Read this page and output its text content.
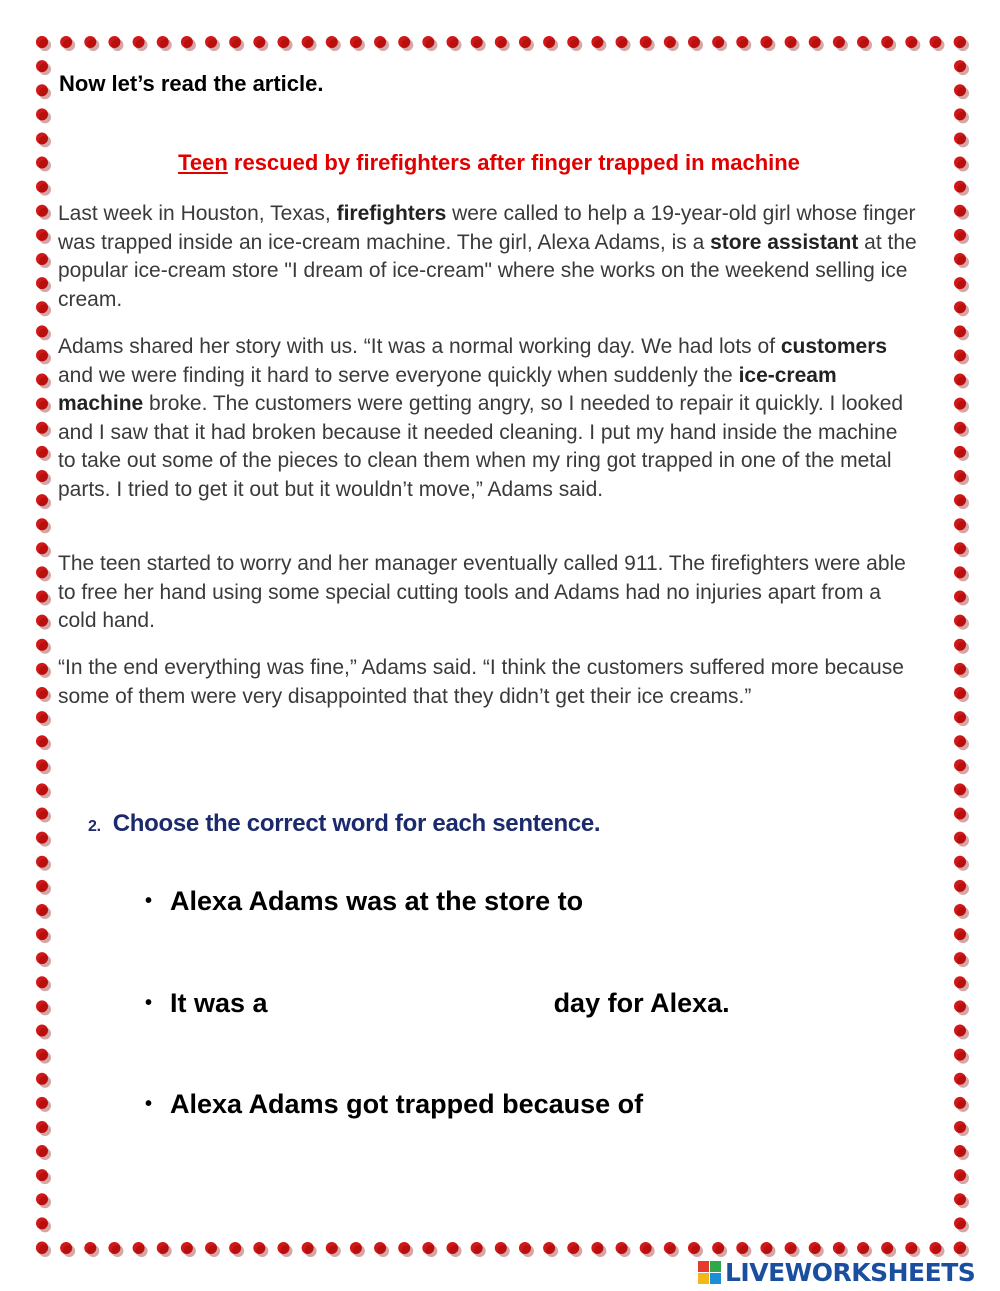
Now let’s read the article.
Teen rescued by firefighters after finger trapped in machine

Last week in Houston, Texas, firefighters were called to help a 19-year-old girl whose finger was trapped inside an ice-cream machine. The girl, Alexa Adams, is a store assistant at the popular ice-cream store "I dream of ice-cream" where she works on the weekend selling ice cream.

Adams shared her story with us. “It was a normal working day. We had lots of customers and we were finding it hard to serve everyone quickly when suddenly the ice-cream machine broke. The customers were getting angry, so I needed to repair it quickly. I looked and I saw that it had broken because it needed cleaning. I put my hand inside the machine to take out some of the pieces to clean them when my ring got trapped in one of the metal parts. I tried to get it out but it wouldn’t move,” Adams said.

The teen started to worry and her manager eventually called 911. The firefighters were able to free her hand using some special cutting tools and Adams had no injuries apart from a cold hand.

“In the end everything was fine,” Adams said. “I think the customers suffered more because some of them were very disappointed that they didn’t get their ice creams.”

2. Choose the correct word for each sentence.
• Alexa Adams was at the store to
• It was a	day for Alexa.
• Alexa Adams got trapped because of
LIVEWORKSHEETS
